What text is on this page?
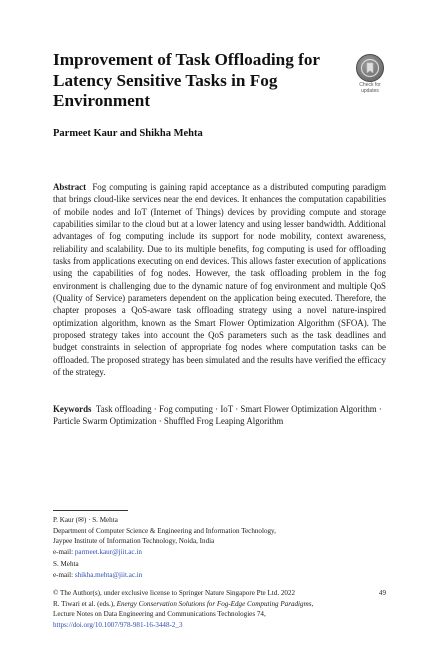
Improvement of Task Offloading for Latency Sensitive Tasks in Fog Environment
Check for
updates
Parmeet Kaur and Shikha Mehta
Abstract Fog computing is gaining rapid acceptance as a distributed computing paradigm that brings cloud-like services near the end devices. It enhances the computation capabilities of mobile nodes and IoT (Internet of Things) devices by providing compute and storage capabilities similar to the cloud but at a lower latency and using lesser bandwidth. Additional advantages of fog computing include its support for node mobility, context awareness, reliability and scalability. Due to its multiple benefits, fog computing is used for offloading tasks from applications executing on end devices. This allows faster execution of applications using the capabilities of fog nodes. However, the task offloading problem in the fog environment is challenging due to the dynamic nature of fog environment and multiple QoS (Quality of Service) parameters dependent on the application being executed. Therefore, the chapter proposes a QoS-aware task offloading strategy using a novel nature-inspired optimization algorithm, known as the Smart Flower Optimization Algorithm (SFOA). The proposed strategy takes into account the QoS parameters such as the task deadlines and budget constraints in selection of appropriate fog nodes where computation tasks can be offloaded. The proposed strategy has been simulated and the results have verified the efficacy of the strategy.
Keywords Task offloading · Fog computing · IoT · Smart Flower Optimization Algorithm · Particle Swarm Optimization · Shuffled Frog Leaping Algorithm
P. Kaur (✉) · S. Mehta
Department of Computer Science & Engineering and Information Technology,
Jaypee Institute of Information Technology, Noida, India
e-mail: parmeet.kaur@jiit.ac.in
S. Mehta
e-mail: shikha.mehta@jiit.ac.in
© The Author(s), under exclusive license to Springer Nature Singapore Pte Ltd. 2022	49
R. Tiwari et al. (eds.), Energy Conservation Solutions for Fog-Edge Computing Paradigms,
Lecture Notes on Data Engineering and Communications Technologies 74,
https://doi.org/10.1007/978-981-16-3448-2_3
